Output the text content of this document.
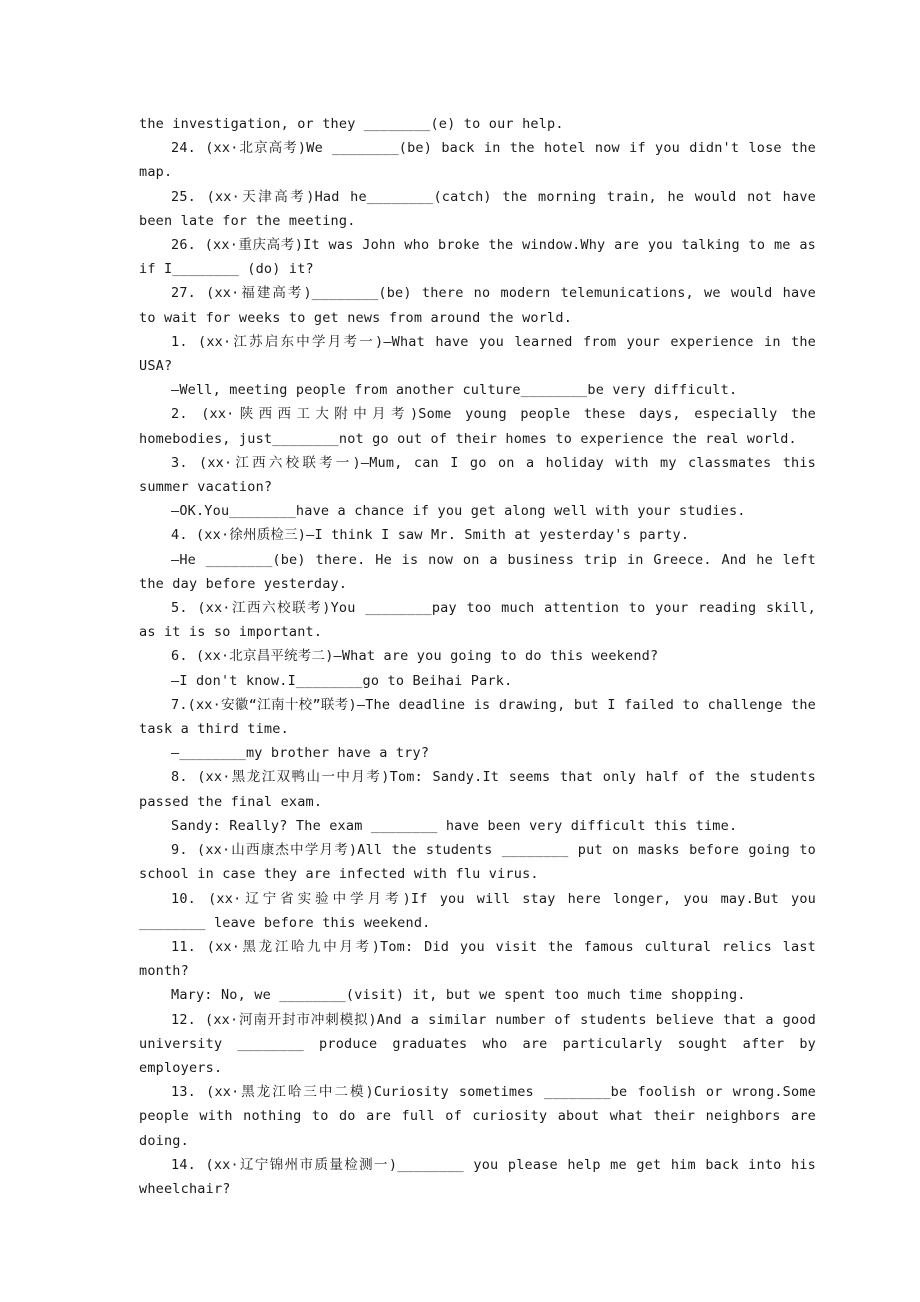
the investigation, or they ________(e) to our help.

24. (xx·北京高考)We ________(be) back in the hotel now if you didn't lose the map.

25. (xx·天津高考)Had he________(catch) the morning train, he would not have been late for the meeting.

26. (xx·重庆高考)It was John who broke the window.Why are you talking to me as if I________ (do) it?

27. (xx·福建高考)________(be) there no modern telemunications, we would have to wait for weeks to get news from around the world.

1. (xx·江苏启东中学月考一)—What have you learned from your experience in the USA?

—Well, meeting people from another culture________be very difficult.

2. (xx·陕西西工大附中月考)Some young people these days, especially the homebodies, just________not go out of their homes to experience the real world.

3. (xx·江西六校联考一)—Mum, can I go on a holiday with my classmates this summer vacation?

—OK.You________have a chance if you get along well with your studies.

4. (xx·徐州质检三)—I think I saw Mr. Smith at yesterday's party.

—He ________(be) there. He is now on a business trip in Greece. And he left the day before yesterday.

5. (xx·江西六校联考)You ________pay too much attention to your reading skill, as it is so important.

6. (xx·北京昌平统考二)—What are you going to do this weekend?

—I don't know.I________go to Beihai Park.

7.(xx·安徽“江南十校”联考)—The deadline is drawing, but I failed to challenge the task a third time.

—________my brother have a try?

8. (xx·黑龙江双鸭山一中月考)Tom: Sandy.It seems that only half of the students passed the final exam.

Sandy: Really? The exam ________ have been very difficult this time.

9. (xx·山西康杰中学月考)All the students ________ put on masks before going to school in case they are infected with flu virus.

10. (xx·辽宁省实验中学月考)If you will stay here longer, you may.But you ________ leave before this weekend.

11. (xx·黑龙江哈九中月考)Tom: Did you visit the famous cultural relics last month?

Mary: No, we ________(visit) it, but we spent too much time shopping.

12. (xx·河南开封市冲刺模拟)And a similar number of students believe that a good university ________ produce graduates who are particularly sought after by employers.

13. (xx·黑龙江哈三中二模)Curiosity sometimes ________be foolish or wrong.Some people with nothing to do are full of curiosity about what their neighbors are doing.

14. (xx·辽宁锦州市质量检测一)________ you please help me get him back into his wheelchair?
